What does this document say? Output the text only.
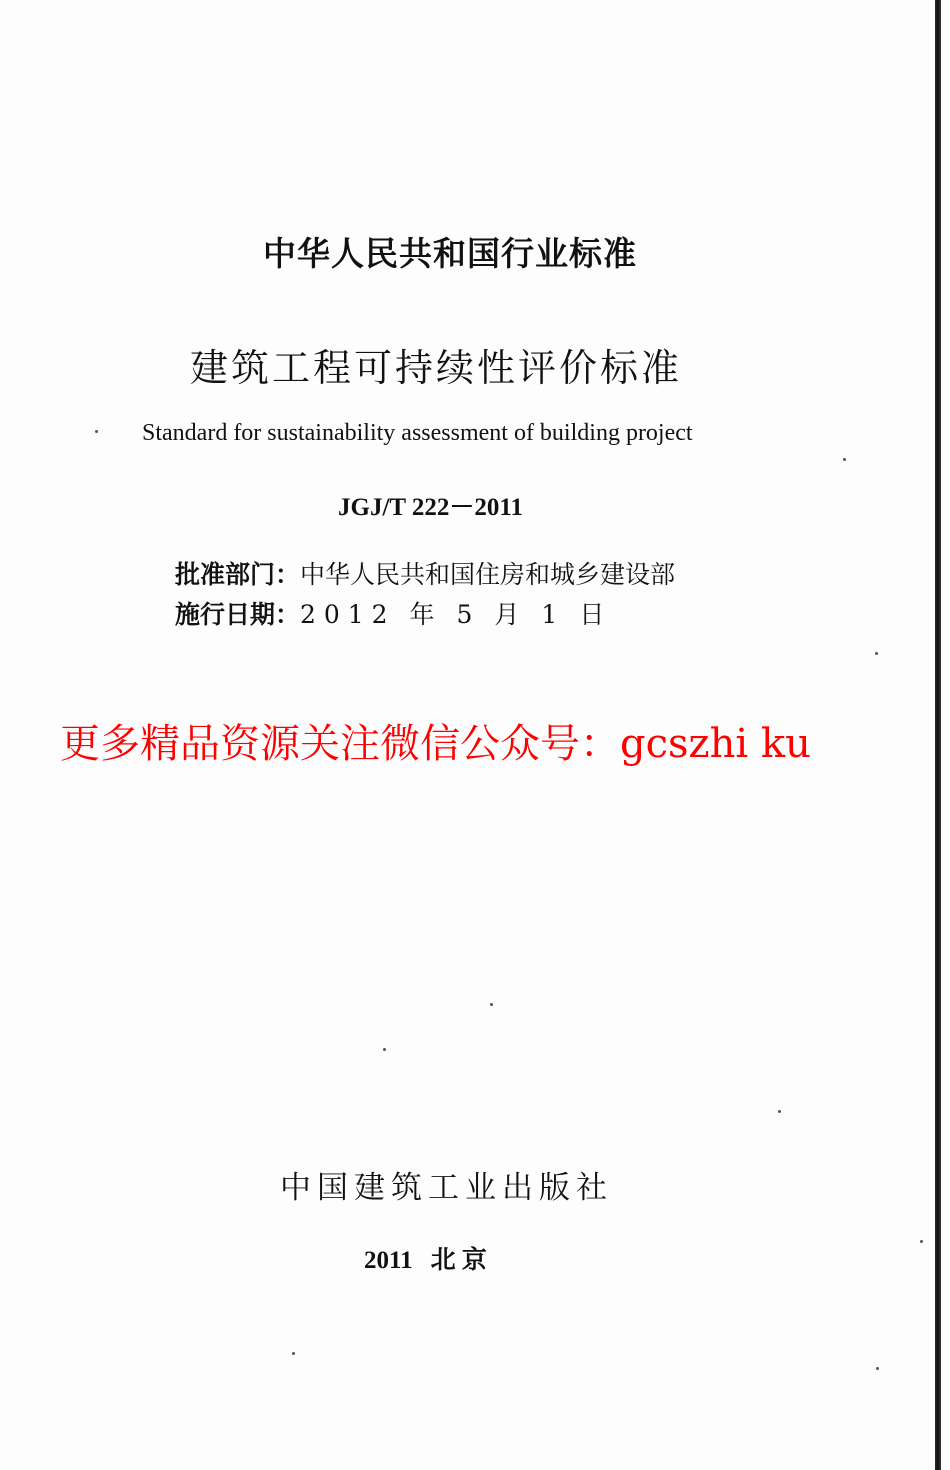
中华人民共和国行业标准
建筑工程可持续性评价标准
Standard for sustainability assessment of building project
JGJ/T 222－2011
批准部门：中华人民共和国住房和城乡建设部
施行日期：2 0 1 2 年 5 月 1 日
更多精品资源关注微信公众号：gcszhi ku
中国建筑工业出版社
2011 北 京
